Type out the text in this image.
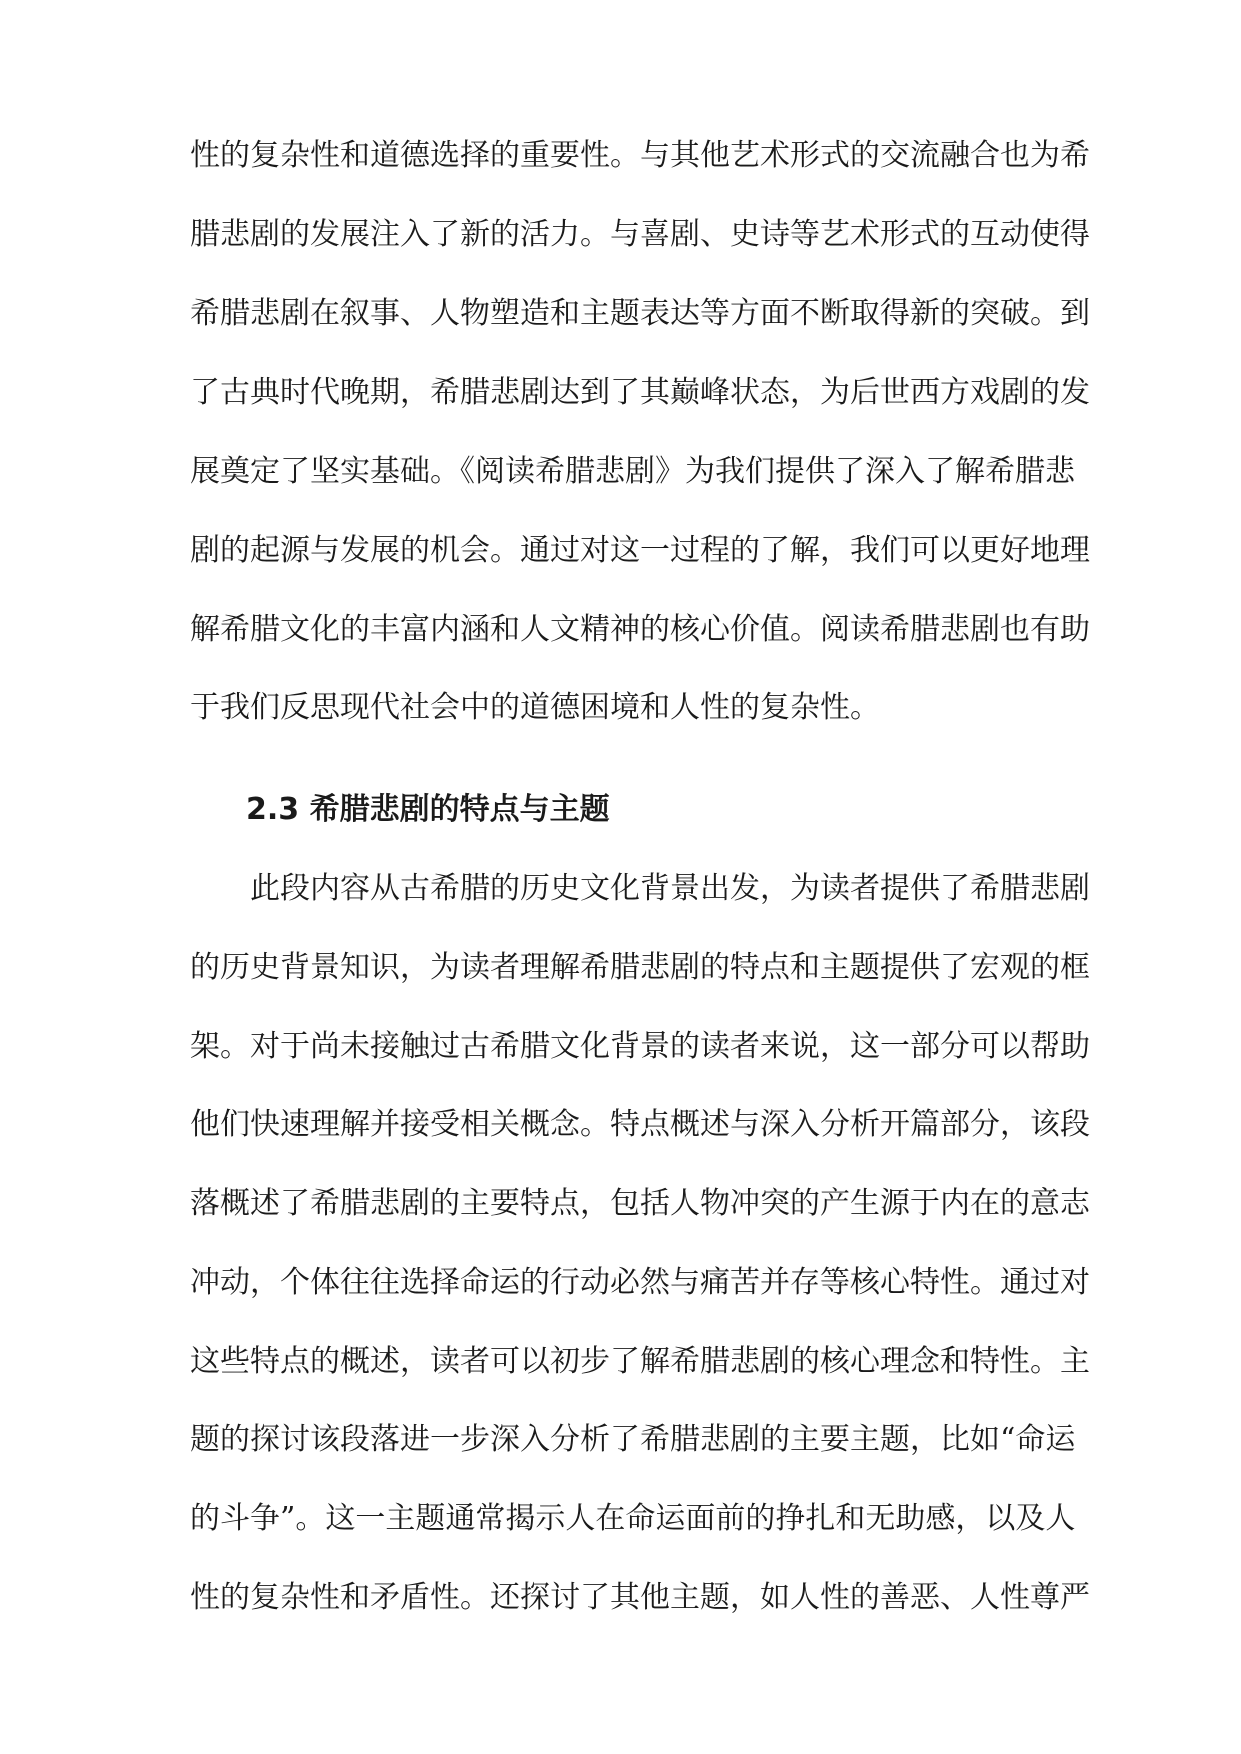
性的复杂性和道德选择的重要性。与其他艺术形式的交流融合也为希
腊悲剧的发展注入了新的活力。与喜剧、史诗等艺术形式的互动使得
希腊悲剧在叙事、人物塑造和主题表达等方面不断取得新的突破。到
了古典时代晚期，希腊悲剧达到了其巅峰状态，为后世西方戏剧的发
展奠定了坚实基础。《阅读希腊悲剧》为我们提供了深入了解希腊悲
剧的起源与发展的机会。通过对这一过程的了解，我们可以更好地理
解希腊文化的丰富内涵和人文精神的核心价值。阅读希腊悲剧也有助
于我们反思现代社会中的道德困境和人性的复杂性。
2.3 希腊悲剧的特点与主题
　　此段内容从古希腊的历史文化背景出发，为读者提供了希腊悲剧
的历史背景知识，为读者理解希腊悲剧的特点和主题提供了宏观的框
架。对于尚未接触过古希腊文化背景的读者来说，这一部分可以帮助
他们快速理解并接受相关概念。特点概述与深入分析开篇部分，该段
落概述了希腊悲剧的主要特点，包括人物冲突的产生源于内在的意志
冲动，个体往往选择命运的行动必然与痛苦并存等核心特性。通过对
这些特点的概述，读者可以初步了解希腊悲剧的核心理念和特性。主
题的探讨该段落进一步深入分析了希腊悲剧的主要主题，比如“命运
的斗争”。这一主题通常揭示人在命运面前的挣扎和无助感，以及人
性的复杂性和矛盾性。还探讨了其他主题，如人性的善恶、人性尊严
